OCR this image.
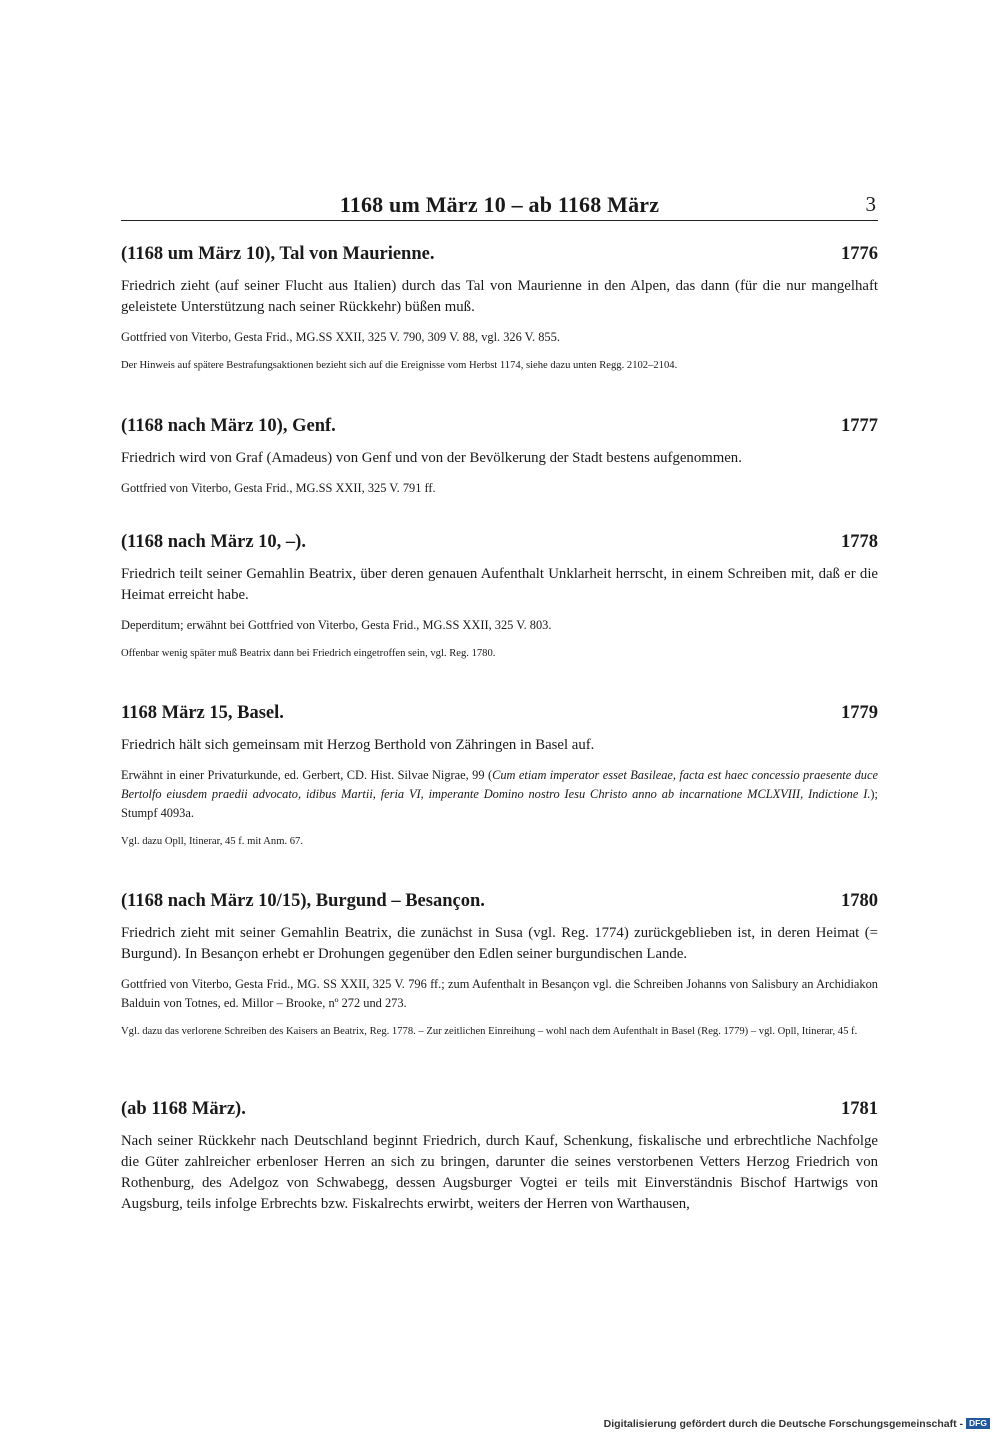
1168 um März 10 – ab 1168 März	3
(1168 um März 10), Tal von Maurienne.	1776

Friedrich zieht (auf seiner Flucht aus Italien) durch das Tal von Maurienne in den Alpen, das dann (für die nur mangelhaft geleistete Unterstützung nach seiner Rückkehr) büßen muß.

Gottfried von Viterbo, Gesta Frid., MG.SS XXII, 325 V. 790, 309 V. 88, vgl. 326 V. 855.

Der Hinweis auf spätere Bestrafungsaktionen bezieht sich auf die Ereignisse vom Herbst 1174, siehe dazu unten Regg. 2102–2104.

(1168 nach März 10), Genf.	1777

Friedrich wird von Graf (Amadeus) von Genf und von der Bevölkerung der Stadt bestens aufgenommen.

Gottfried von Viterbo, Gesta Frid., MG.SS XXII, 325 V. 791 ff.

(1168 nach März 10, –).	1778

Friedrich teilt seiner Gemahlin Beatrix, über deren genauen Aufenthalt Unklarheit herrscht, in einem Schreiben mit, daß er die Heimat erreicht habe.

Deperditum; erwähnt bei Gottfried von Viterbo, Gesta Frid., MG.SS XXII, 325 V. 803.

Offenbar wenig später muß Beatrix dann bei Friedrich eingetroffen sein, vgl. Reg. 1780.

1168 März 15, Basel.	1779

Friedrich hält sich gemeinsam mit Herzog Berthold von Zähringen in Basel auf.

Erwähnt in einer Privaturkunde, ed. Gerbert, CD. Hist. Silvae Nigrae, 99 (Cum etiam imperator esset Basileae, facta est haec concessio praesente duce Bertolfo eiusdem praedii advocato, idibus Martii, feria VI, imperante Domino nostro Iesu Christo anno ab incarnatione MCLXVIII, Indictione I.); Stumpf 4093a.

Vgl. dazu Opll, Itinerar, 45 f. mit Anm. 67.

(1168 nach März 10/15), Burgund – Besançon.	1780

Friedrich zieht mit seiner Gemahlin Beatrix, die zunächst in Susa (vgl. Reg. 1774) zurückgeblieben ist, in deren Heimat (= Burgund). In Besançon erhebt er Drohungen gegenüber den Edlen seiner burgundischen Lande.

Gottfried von Viterbo, Gesta Frid., MG. SS XXII, 325 V. 796 ff.; zum Aufenthalt in Besançon vgl. die Schreiben Johanns von Salisbury an Archidiakon Balduin von Totnes, ed. Millor – Brooke, nº 272 und 273.

Vgl. dazu das verlorene Schreiben des Kaisers an Beatrix, Reg. 1778. – Zur zeitlichen Einreihung – wohl nach dem Aufenthalt in Basel (Reg. 1779) – vgl. Opll, Itinerar, 45 f.

(ab 1168 März).	1781

Nach seiner Rückkehr nach Deutschland beginnt Friedrich, durch Kauf, Schenkung, fiskalische und erbrechtliche Nachfolge die Güter zahlreicher erbenloser Herren an sich zu bringen, darunter die seines verstorbenen Vetters Herzog Friedrich von Rothenburg, des Adelgoz von Schwabegg, dessen Augsburger Vogtei er teils mit Einverständnis Bischof Hartwigs von Augsburg, teils infolge Erbrechts bzw. Fiskalrechts erwirbt, weiters der Herren von Warthausen,

Digitalisierung gefördert durch die Deutsche Forschungsgemeinschaft - DFG
